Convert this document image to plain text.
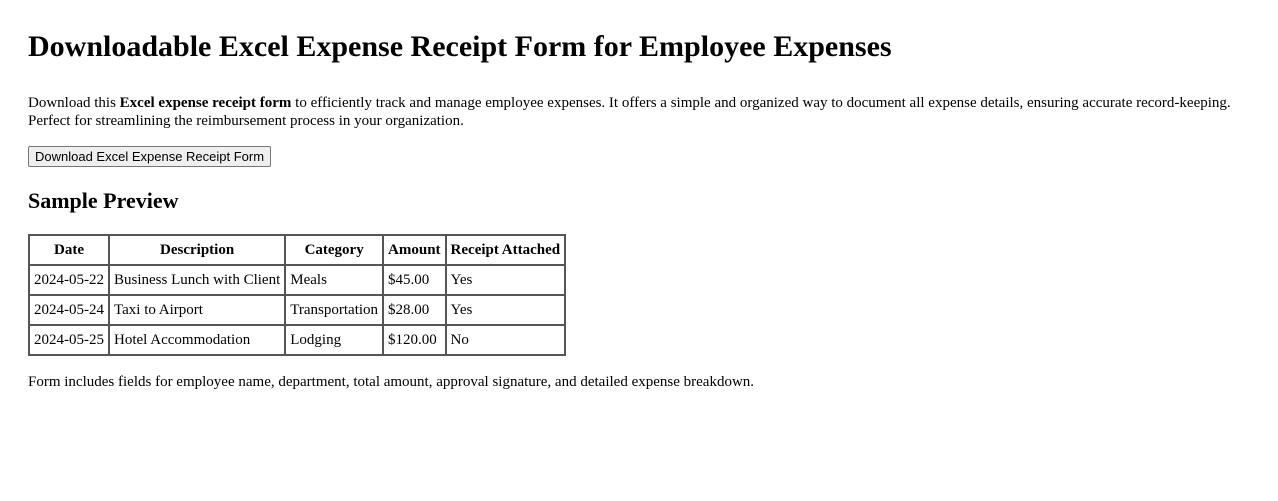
Downloadable Excel Expense Receipt Form for Employee Expenses

Download this Excel expense receipt form to efficiently track and manage employee expenses. It offers a simple and organized way to document all expense details, ensuring accurate record-keeping. Perfect for streamlining the reimbursement process in your organization.

Download Excel Expense Receipt Form
Sample Preview
Date	Description	Category	Amount	Receipt Attached
2024-05-22	Business Lunch with Client	Meals	$45.00	Yes
2024-05-24	Taxi to Airport	Transportation	$28.00	Yes
2024-05-25	Hotel Accommodation	Lodging	$120.00	No

Form includes fields for employee name, department, total amount, approval signature, and detailed expense breakdown.
